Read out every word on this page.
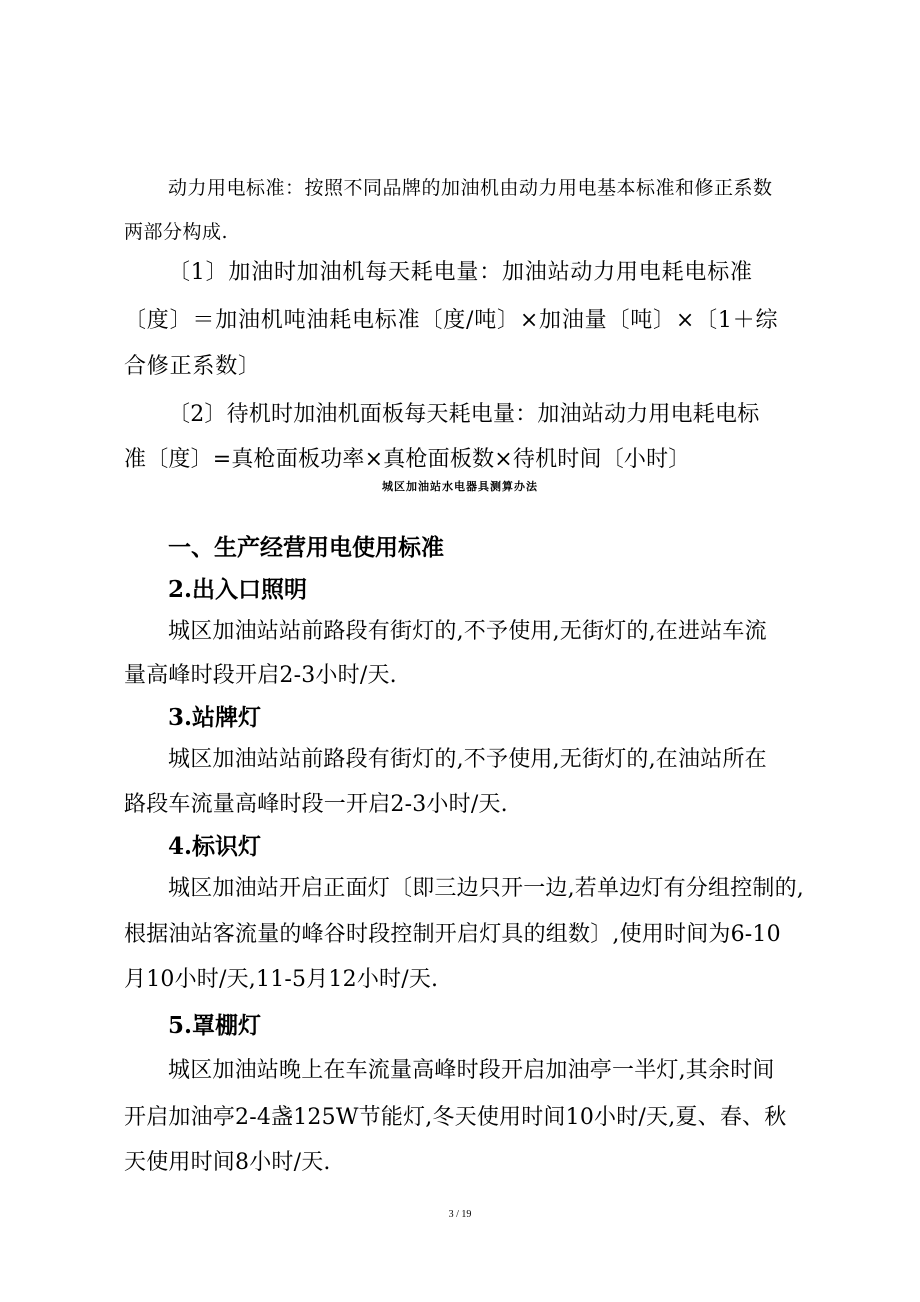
动力用电标准：按照不同品牌的加油机由动力用电基本标准和修正系数
两部分构成.
〔1〕加油时加油机每天耗电量：加油站动力用电耗电标准
〔度〕＝加油机吨油耗电标准〔度/吨〕×加油量〔吨〕×〔1＋综
合修正系数〕
〔2〕待机时加油机面板每天耗电量：加油站动力用电耗电标
准〔度〕=真枪面板功率×真枪面板数×待机时间〔小时〕
城区加油站水电器具测算办法
一、生产经营用电使用标准
2.出入口照明
城区加油站站前路段有街灯的,不予使用,无街灯的,在进站车流
量高峰时段开启2-3小时/天.
3.站牌灯
城区加油站站前路段有街灯的,不予使用,无街灯的,在油站所在
路段车流量高峰时段一开启2-3小时/天.
4.标识灯
城区加油站开启正面灯〔即三边只开一边,若单边灯有分组控制的,
根据油站客流量的峰谷时段控制开启灯具的组数〕,使用时间为6-10
月10小时/天,11-5月12小时/天.
5.罩棚灯
城区加油站晚上在车流量高峰时段开启加油亭一半灯,其余时间
开启加油亭2-4盏125W节能灯,冬天使用时间10小时/天,夏、春、秋
天使用时间8小时/天.
3 / 19
